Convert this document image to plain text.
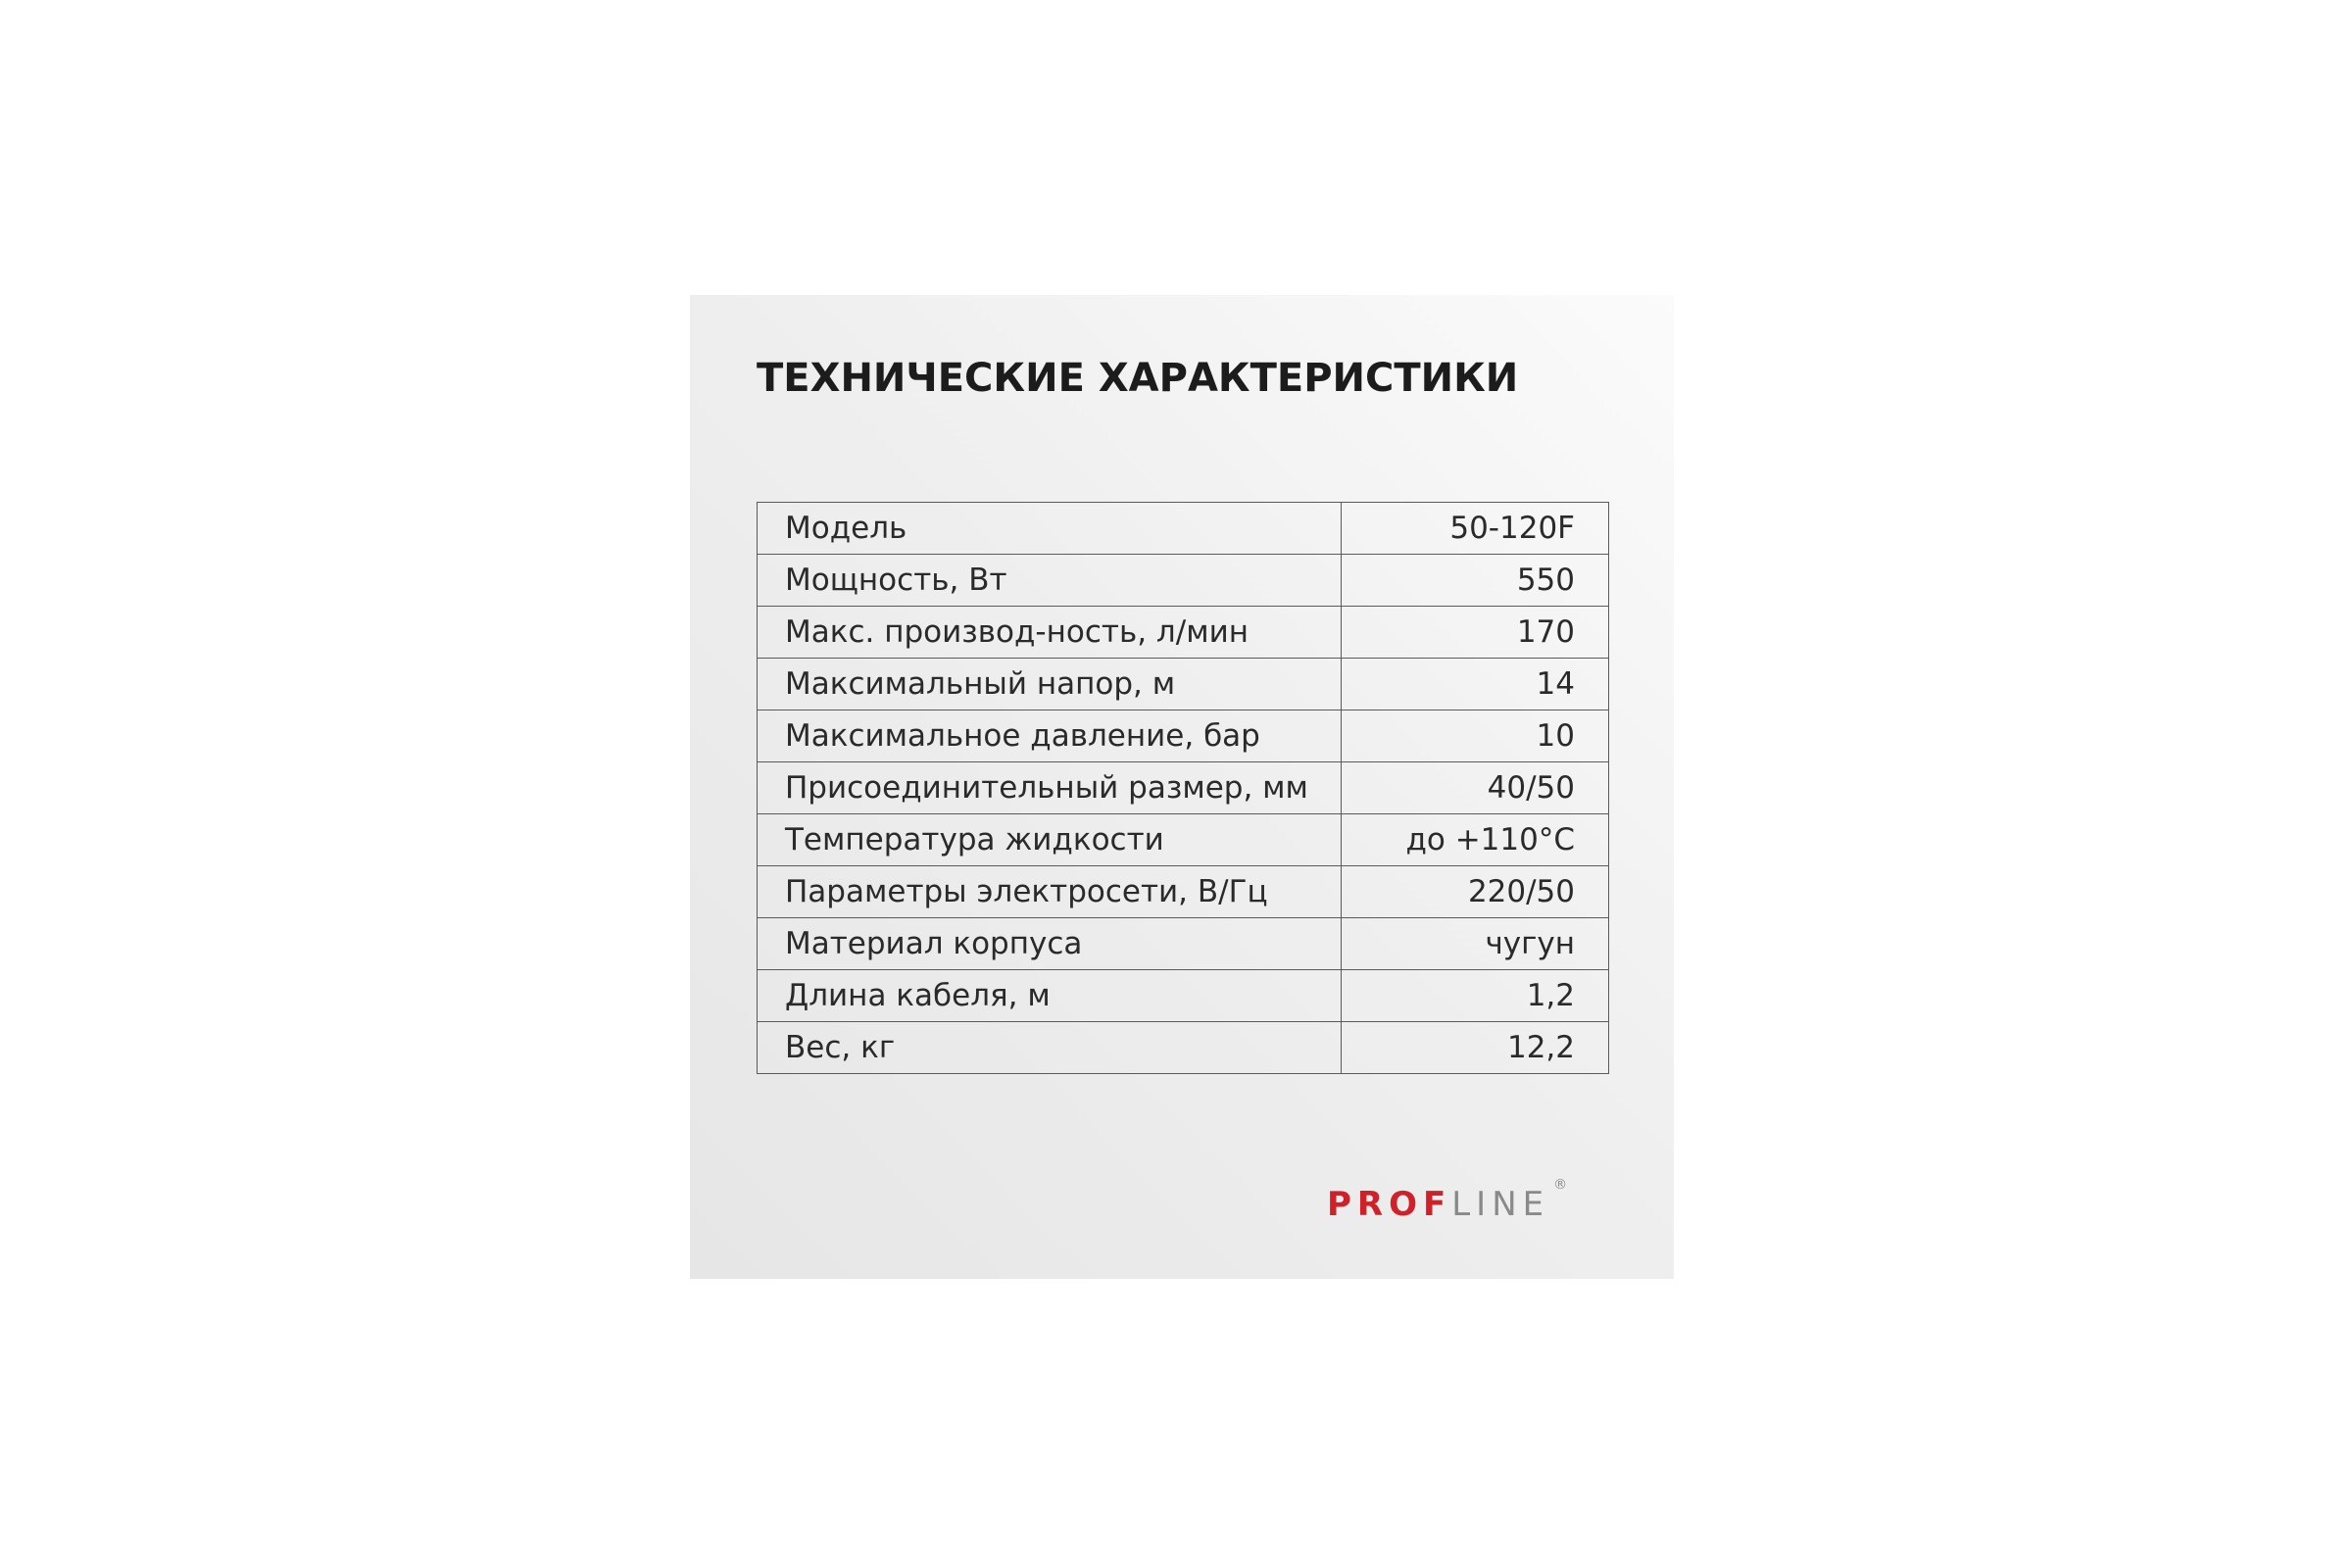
ТЕХНИЧЕСКИЕ ХАРАКТЕРИСТИКИ
Модель	50-120F
Мощность, Вт	550
Макс. производ-ность, л/мин	170
Максимальный напор, м	14
Максимальное давление, бар	10
Присоединительный размер, мм	40/50
Температура жидкости	до +110°С
Параметры электросети, В/Гц	220/50
Материал корпуса	чугун
Длина кабеля, м	1,2
Вес, кг	12,2
PROFLINE ®
